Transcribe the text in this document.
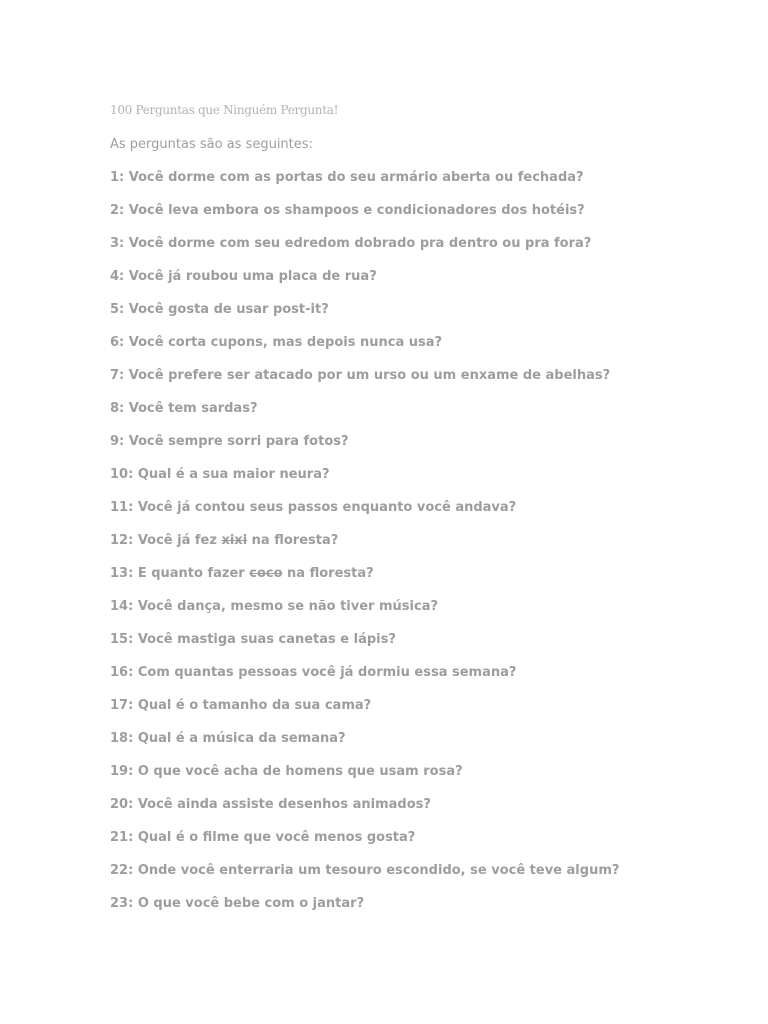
100 Perguntas que Ninguém Pergunta!
As perguntas são as seguintes:
1: Você dorme com as portas do seu armário aberta ou fechada?
2: Você leva embora os shampoos e condicionadores dos hotéis?
3: Você dorme com seu edredom dobrado pra dentro ou pra fora?
4: Você já roubou uma placa de rua?
5: Você gosta de usar post-it?
6: Você corta cupons, mas depois nunca usa?
7: Você prefere ser atacado por um urso ou um enxame de abelhas?
8: Você tem sardas?
9: Você sempre sorri para fotos?
10: Qual é a sua maior neura?
11: Você já contou seus passos enquanto você andava?
12: Você já fez xixi na floresta?
13: E quanto fazer coco na floresta?
14: Você dança, mesmo se não tiver música?
15: Você mastiga suas canetas e lápis?
16: Com quantas pessoas você já dormiu essa semana?
17: Qual é o tamanho da sua cama?
18: Qual é a música da semana?
19: O que você acha de homens que usam rosa?
20: Você ainda assiste desenhos animados?
21: Qual é o filme que você menos gosta?
22: Onde você enterraria um tesouro escondido, se você teve algum?
23: O que você bebe com o jantar?
